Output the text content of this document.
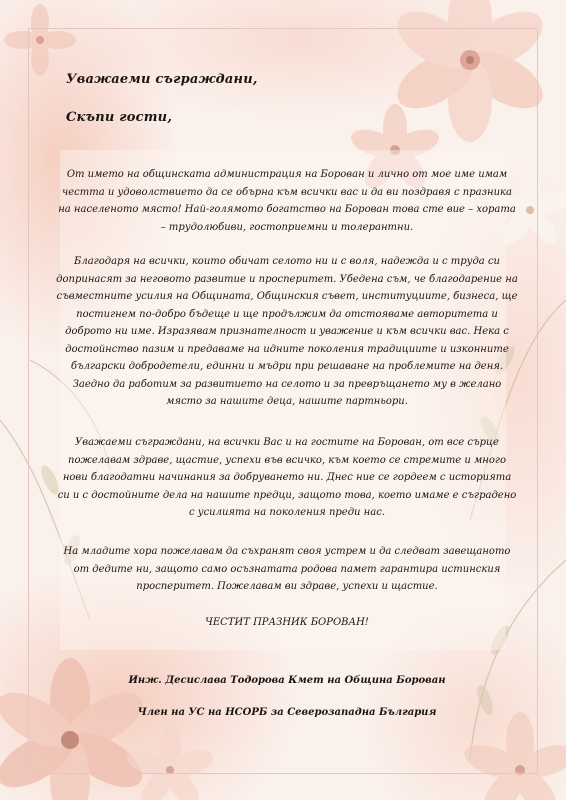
Уважаеми съграждани,
Скъпи гости,
От името на общинската администрация на Борован и лично от мое име имам честта и удоволствието да се обърна към всички вас и да ви поздравя с празника на населеното място! Най-голямото богатство на Борован това сте вие – хората – трудолюбиви, гостоприемни и толерантни.
Благодаря на всички, които обичат селото ни и с воля, надежда и с труда си допринасят за неговото развитие и просперитет. Убедена съм, че благодарение на съвместните усилия на Общината, Общинския съвет, институциите, бизнеса, ще постигнем по-добро бъдеще и ще продължим да отстояваме авторитета и доброто ни име. Изразявам признателност и уважение и към всички вас. Нека с достойнство пазим и предаваме на идните поколения традициите и изконните български добродетели, единни и мъдри при решаване на проблемите на деня. Заедно да работим за развитието на селото и за превръщането му в желано място за нашите деца, нашите партньори.
Уважаеми съграждани, на всички Вас и на гостите на Борован, от все сърце пожелавам здраве, щастие, успехи във всичко, към което се стремите и много нови благодатни начинания за добруването ни. Днес ние се гордеем с историята си и с достойните дела на нашите предци, защото това, което имаме е съградено с усилията на поколения преди нас.
На младите хора пожелавам да съхранят своя устрем и да следват завещаното от дедите ни, защото само осъзнатата родова памет гарантира истинския просперитет. Пожелавам ви здраве, успехи и щастие.
ЧЕСТИТ ПРАЗНИК БОРОВАН!
Инж. Десислава Тодорова Кмет на Община Борован
Член на УС на НСОРБ за Северозападна България
